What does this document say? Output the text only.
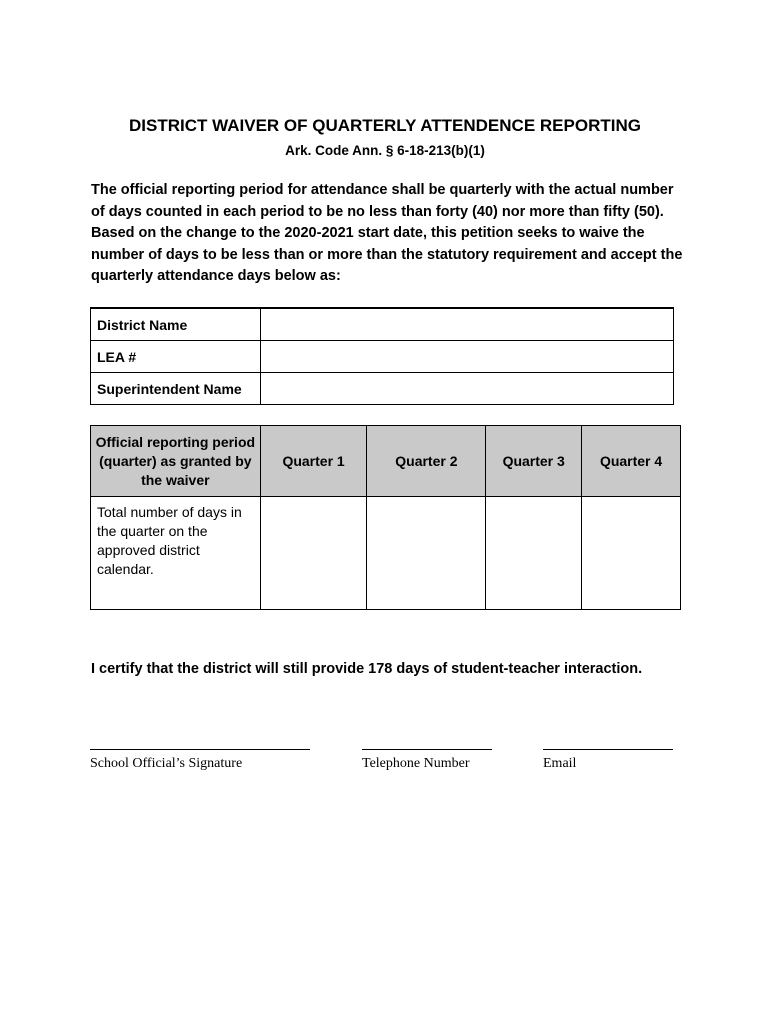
DISTRICT WAIVER OF QUARTERLY ATTENDENCE REPORTING
Ark. Code Ann. § 6-18-213(b)(1)
The official reporting period for attendance shall be quarterly with the actual number of days counted in each period to be no less than forty (40) nor more than fifty (50). Based on the change to the 2020-2021 start date, this petition seeks to waive the number of days to be less than or more than the statutory requirement and accept the quarterly attendance days below as:
District Name	
LEA #	
Superintendent Name	
Official reporting period (quarter) as granted by the waiver	Quarter 1	Quarter 2	Quarter 3	Quarter 4
Total number of days in the quarter on the approved district calendar.				
I certify that the district will still provide 178 days of student-teacher interaction.
School Official’s Signature	Telephone Number	Email
